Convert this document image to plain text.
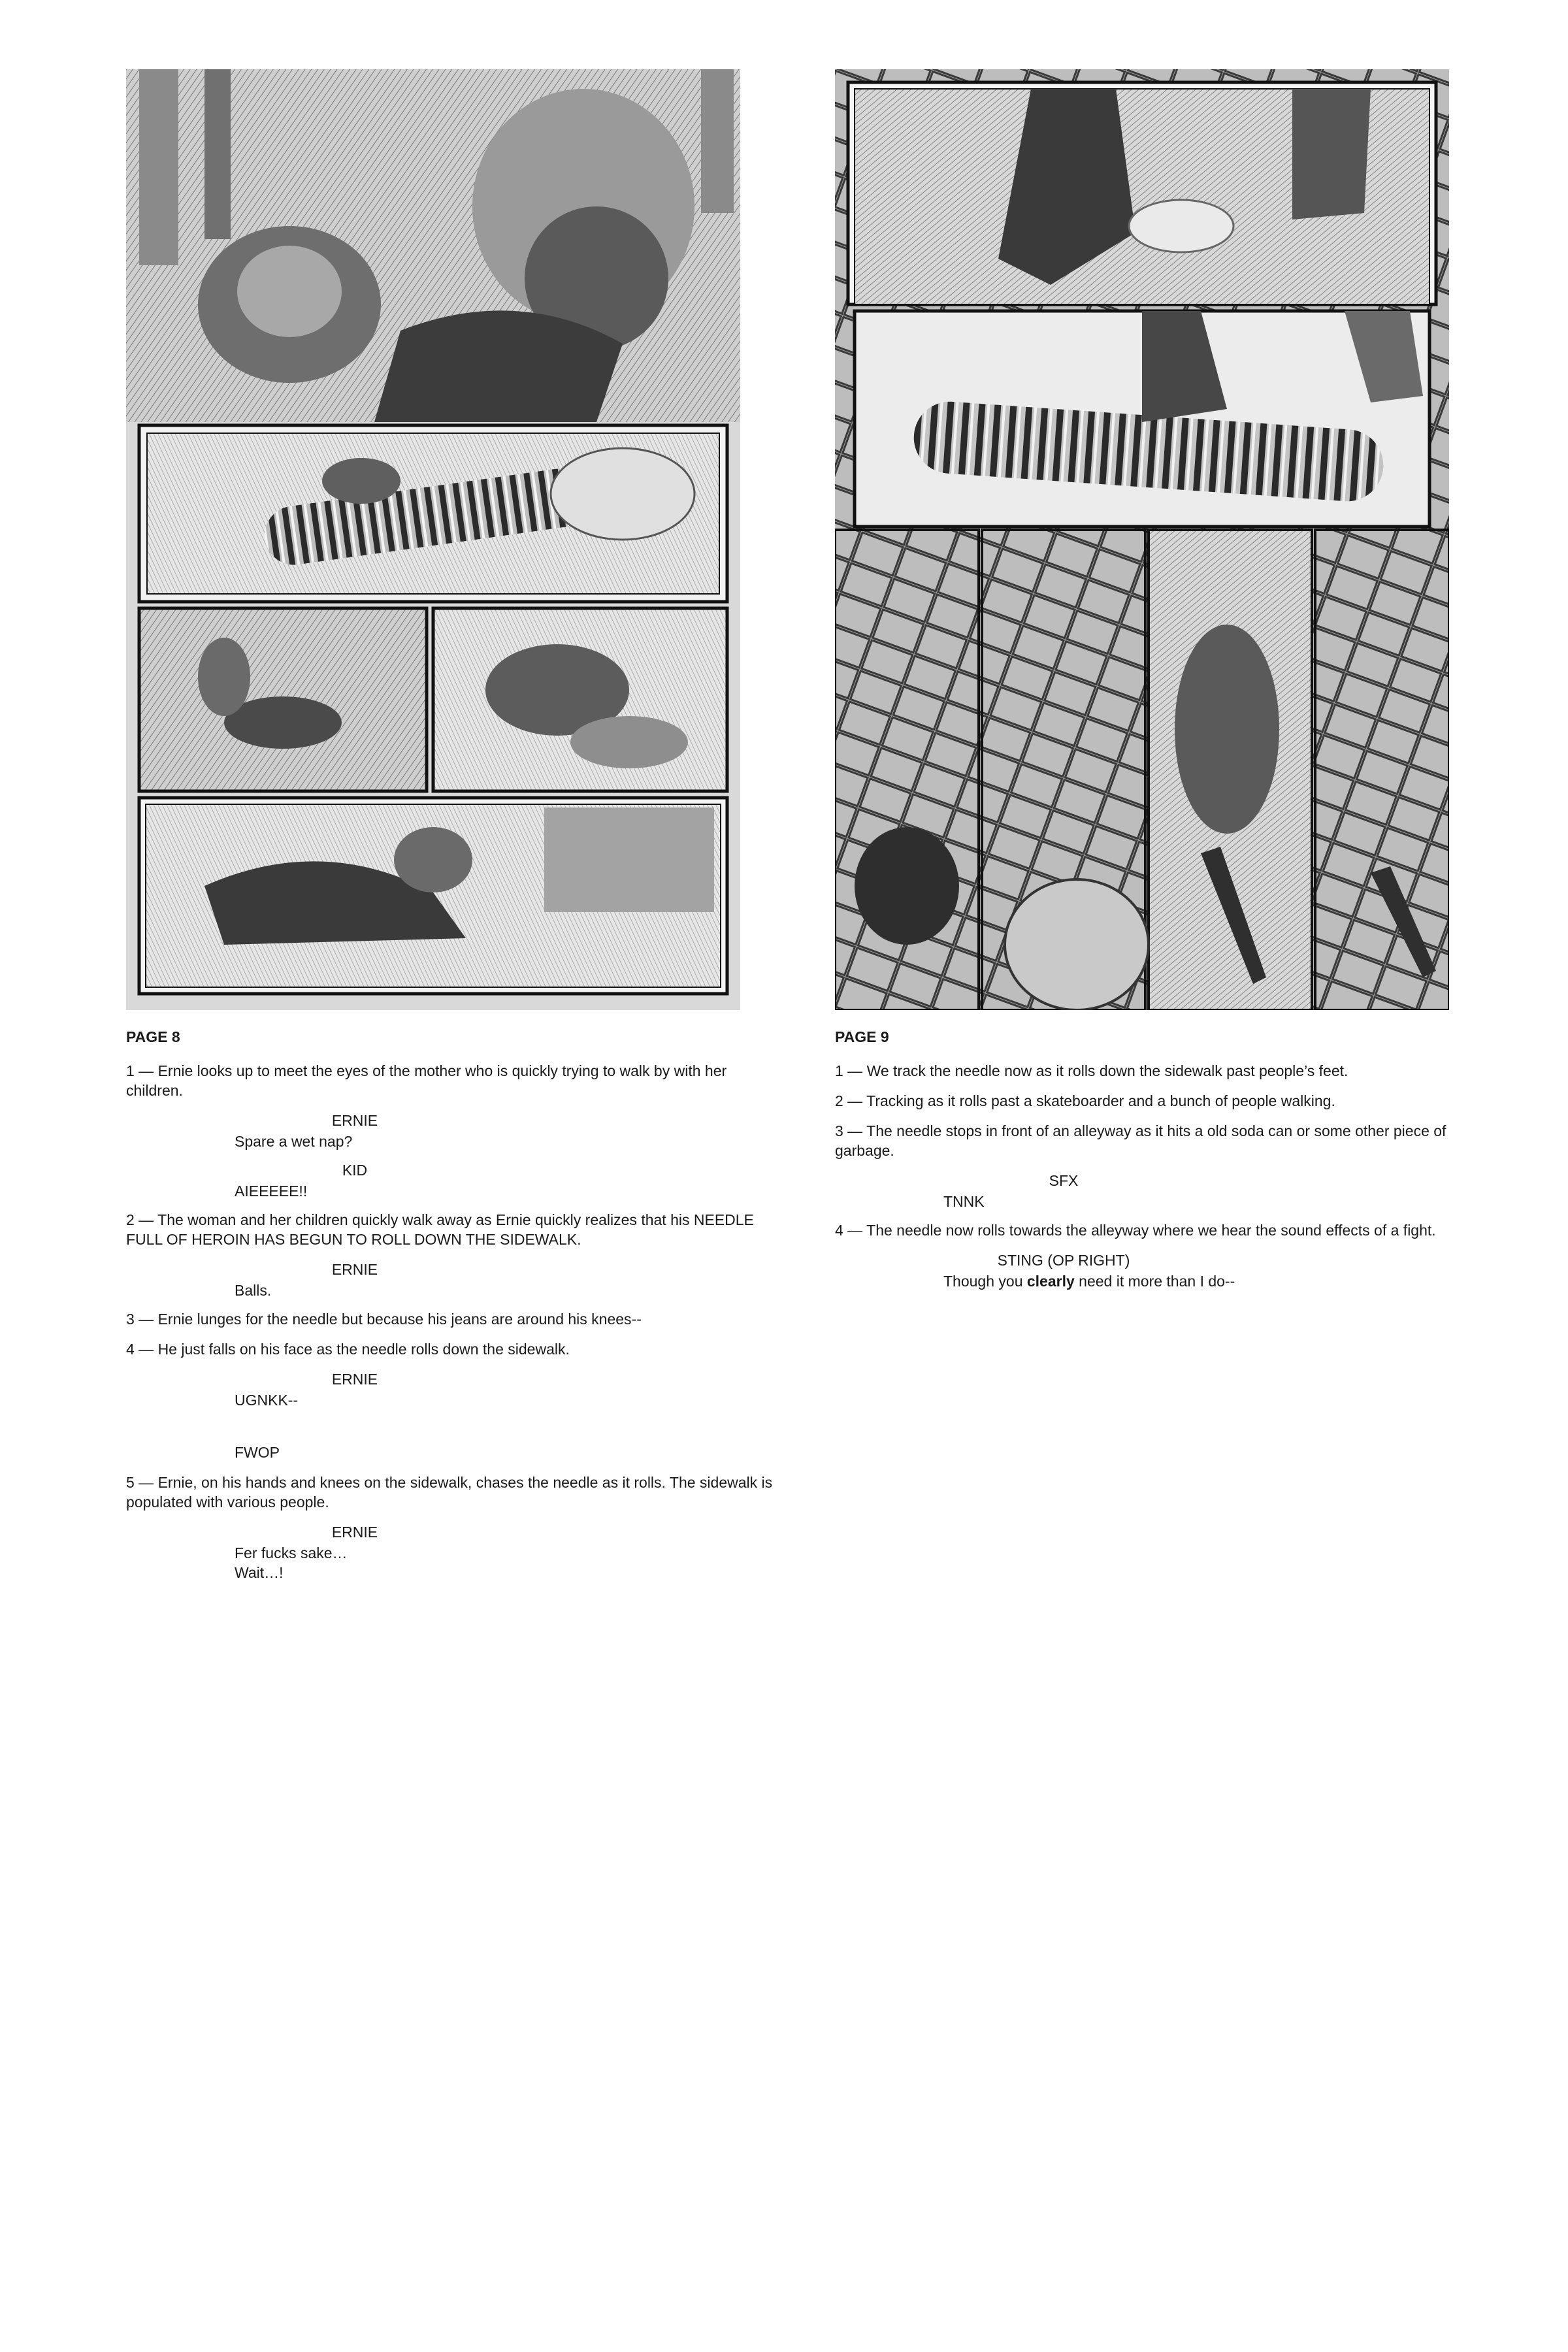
PAGE 8
1 — Ernie looks up to meet the eyes of the mother who is quickly trying to walk by with her children.
ERNIE
Spare a wet nap?
KID
AIEEEEE!!
2 — The woman and her children quickly walk away as Ernie quickly realizes that his NEEDLE FULL OF HEROIN HAS BEGUN TO ROLL DOWN THE SIDEWALK.
ERNIE
Balls.
3 — Ernie lunges for the needle but because his jeans are around his knees--
4 — He just falls on his face as the needle rolls down the sidewalk.
ERNIE
UGNKK--
FWOP
5 — Ernie, on his hands and knees on the sidewalk, chases the needle as it rolls. The sidewalk is populated with various people.
ERNIE
Fer fucks sake…
Wait…!
PAGE 9
1 — We track the needle now as it rolls down the sidewalk past people’s feet.
2 — Tracking as it rolls past a skateboarder and a bunch of people walking.
3 — The needle stops in front of an alleyway as it hits a old soda can or some other piece of garbage.
SFX
TNNK
4 — The needle now rolls towards the alleyway where we hear the sound effects of a fight.
STING (OP RIGHT)
Though you clearly need it more than I do--
